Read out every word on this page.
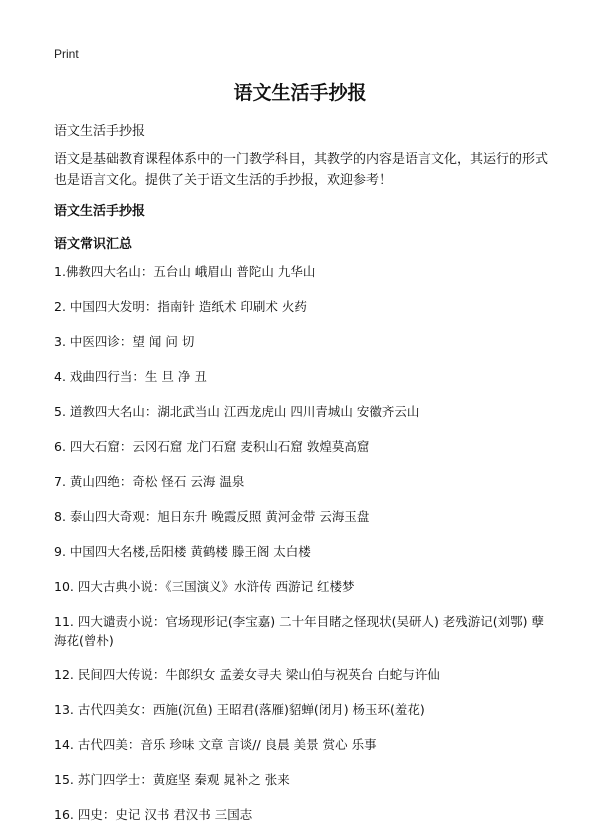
Print
语文生活手抄报

语文生活手抄报

语文是基础教育课程体系中的一门教学科目，其教学的内容是语言文化，其运行的形式也是语言文化。提供了关于语文生活的手抄报，欢迎参考！

语文生活手抄报

语文常识汇总

1.佛教四大名山：五台山 峨眉山 普陀山 九华山
2. 中国四大发明：指南针 造纸术 印刷术 火药
3. 中医四诊：望 闻 问 切
4. 戏曲四行当：生 旦 净 丑
5. 道教四大名山：湖北武当山 江西龙虎山 四川青城山 安徽齐云山
6. 四大石窟：云冈石窟 龙门石窟 麦积山石窟 敦煌莫高窟
7. 黄山四绝：奇松 怪石 云海 温泉
8. 泰山四大奇观：旭日东升 晚霞反照 黄河金带 云海玉盘
9. 中国四大名楼,岳阳楼 黄鹤楼 滕王阁 太白楼
10. 四大古典小说：《三国演义》水浒传 西游记 红楼梦
11. 四大谴责小说：官场现形记(李宝嘉) 二十年目睹之怪现状(吴研人) 老残游记(刘鄂) 孽海花(曾朴)
12. 民间四大传说：牛郎织女 孟姜女寻夫 梁山伯与祝英台 白蛇与许仙
13. 古代四美女：西施(沉鱼) 王昭君(落雁)貂蝉(闭月) 杨玉环(羞花)
14. 古代四美：音乐 珍味 文章 言谈// 良晨 美景 赏心 乐事
15. 苏门四学士：黄庭坚 秦观 晁补之 张来
16. 四史：史记 汉书 君汉书 三国志
